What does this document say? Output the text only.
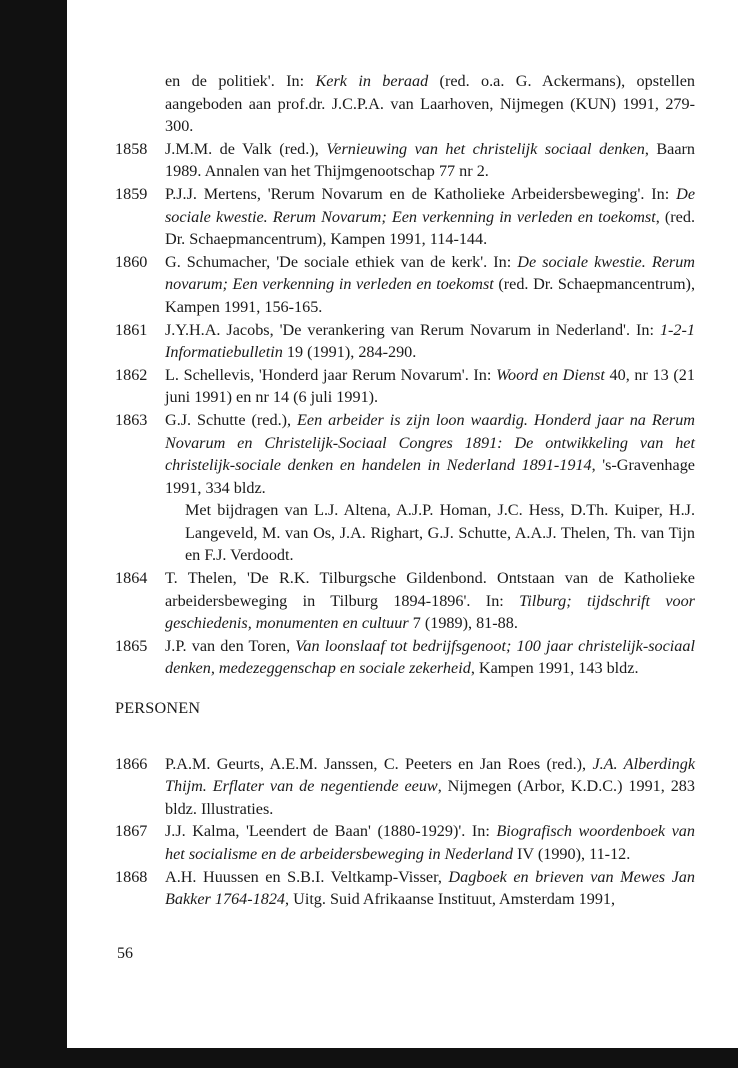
en de politiek'. In: Kerk in beraad (red. o.a. G. Ackermans), opstellen aangeboden aan prof.dr. J.C.P.A. van Laarhoven, Nijmegen (KUN) 1991, 279-300.
1858	J.M.M. de Valk (red.), Vernieuwing van het christelijk sociaal denken, Baarn 1989. Annalen van het Thijmgenootschap 77 nr 2.
1859	P.J.J. Mertens, 'Rerum Novarum en de Katholieke Arbeidersbeweging'. In: De sociale kwestie. Rerum Novarum; Een verkenning in verleden en toekomst, (red. Dr. Schaepmancentrum), Kampen 1991, 114-144.
1860	G. Schumacher, 'De sociale ethiek van de kerk'. In: De sociale kwestie. Rerum novarum; Een verkenning in verleden en toekomst (red. Dr. Schaepmancentrum), Kampen 1991, 156-165.
1861	J.Y.H.A. Jacobs, 'De verankering van Rerum Novarum in Nederland'. In: 1-2-1 Informatiebulletin 19 (1991), 284-290.
1862	L. Schellevis, 'Honderd jaar Rerum Novarum'. In: Woord en Dienst 40, nr 13 (21 juni 1991) en nr 14 (6 juli 1991).
1863	G.J. Schutte (red.), Een arbeider is zijn loon waardig. Honderd jaar na Rerum Novarum en Christelijk-Sociaal Congres 1891: De ontwikkeling van het christelijk-sociale denken en handelen in Nederland 1891-1914, 's-Gravenhage 1991, 334 bldz.
Met bijdragen van L.J. Altena, A.J.P. Homan, J.C. Hess, D.Th. Kuiper, H.J. Langeveld, M. van Os, J.A. Righart, G.J. Schutte, A.A.J. Thelen, Th. van Tijn en F.J. Verdoodt.
1864	T. Thelen, 'De R.K. Tilburgsche Gildenbond. Ontstaan van de Katholieke arbeidersbeweging in Tilburg 1894-1896'. In: Tilburg; tijdschrift voor geschiedenis, monumenten en cultuur 7 (1989), 81-88.
1865	J.P. van den Toren, Van loonslaaf tot bedrijfsgenoot; 100 jaar christelijk-sociaal denken, medezeggenschap en sociale zekerheid, Kampen 1991, 143 bldz.
PERSONEN
1866	P.A.M. Geurts, A.E.M. Janssen, C. Peeters en Jan Roes (red.), J.A. Alberdingk Thijm. Erflater van de negentiende eeuw, Nijmegen (Arbor, K.D.C.) 1991, 283 bldz. Illustraties.
1867	J.J. Kalma, 'Leendert de Baan' (1880-1929)'. In: Biografisch woordenboek van het socialisme en de arbeidersbeweging in Nederland IV (1990), 11-12.
1868	A.H. Huussen en S.B.I. Veltkamp-Visser, Dagboek en brieven van Mewes Jan Bakker 1764-1824, Uitg. Suid Afrikaanse Instituut, Amsterdam 1991,
56
